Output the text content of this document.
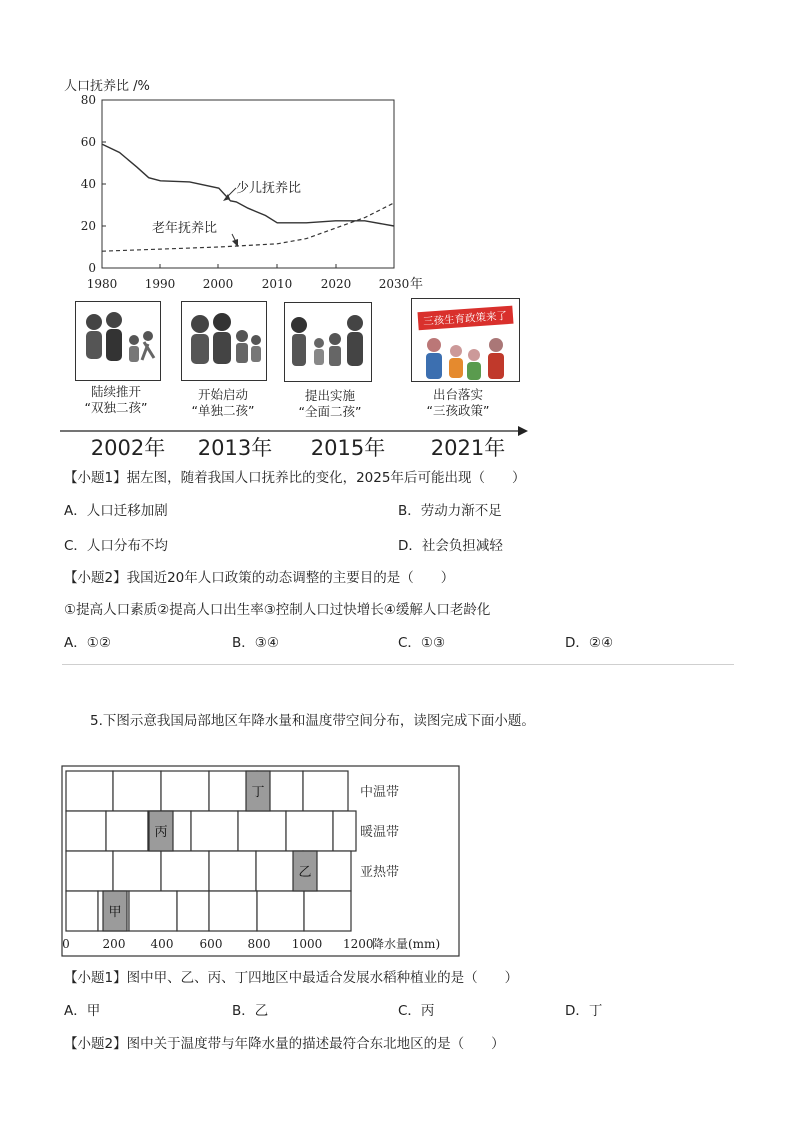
人口抚养比 /%
80
60
40
20
0
1980 1990 2000 2010 2020 2030 年
少儿抚养比
老年抚养比
三孩生育政策来了
陆续推开
“双独二孩”
开始启动
“单独二孩”
提出实施
“全面二孩”
出台落实
“三孩政策”
2002年	2013年	2015年	2021年
【小题1】据左图，随着我国人口抚养比的变化，2025年后可能出现（　　）
A．人口迁移加剧	B．劳动力渐不足
C．人口分布不均	D．社会负担减轻
【小题2】我国近20年人口政策的动态调整的主要目的是（　　）
①提高人口素质②提高人口出生率③控制人口过快增长④缓解人口老龄化
A．①②	B．③④	C．①③	D．②④
5.下图示意我国局部地区年降水量和温度带空间分布，读图完成下面小题。
丁
丙
乙
甲
中温带
暖温带
亚热带
0	200 400 600 800 1000 1200
降水量(mm)
【小题1】图中甲、乙、丙、丁四地区中最适合发展水稻种植业的是（　　）
A．甲	B．乙	C．丙	D．丁
【小题2】图中关于温度带与年降水量的描述最符合东北地区的是（　　）
